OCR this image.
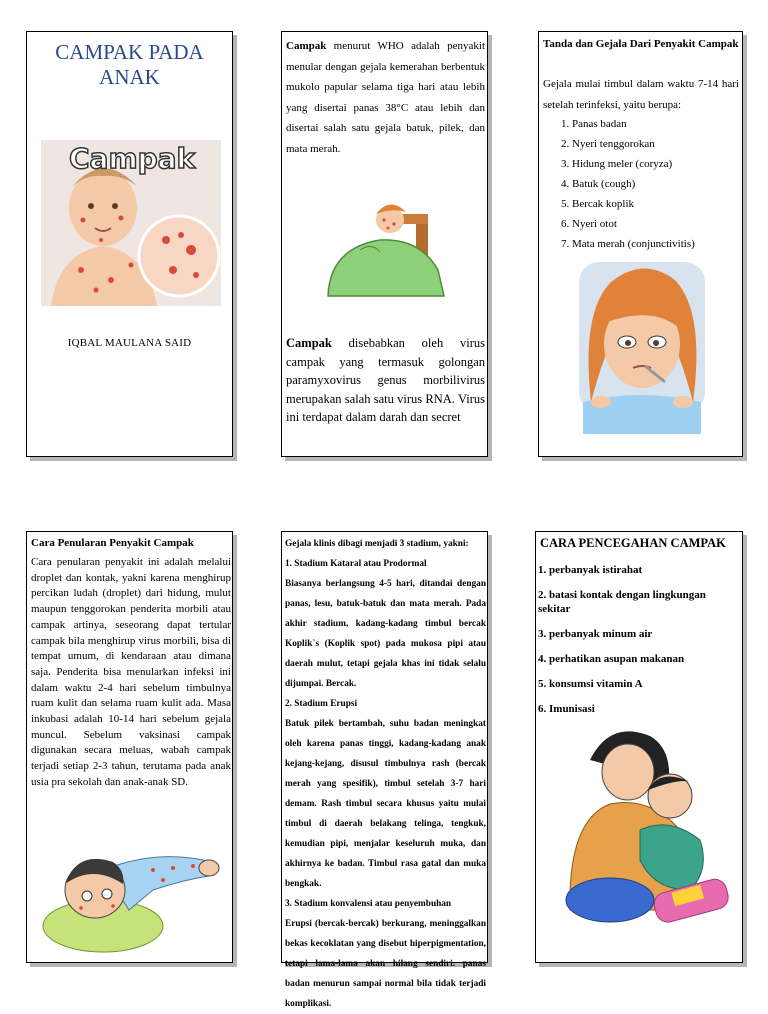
CAMPAK PADA
ANAK
Campak
IQBAL MAULANA SAID
Campak menurut WHO adalah penyakit menular dengan gejala kemerahan berbentuk mukolo papular selama tiga hari atau lebih yang disertai panas 38°C atau lebih dan disertai salah satu gejala batuk, pilek, dan mata merah.
Campak disebabkan oleh virus campak yang termasuk golongan paramyxovirus genus morbilivirus merupakan salah satu virus RNA. Virus ini terdapat dalam darah dan secret
Tanda dan Gejala Dari Penyakit Campak
Gejala mulai timbul dalam waktu 7-14 hari setelah terinfeksi, yaitu berupa:
1. Panas badan
2. Nyeri tenggorokan
3. Hidung meler (coryza)
4. Batuk (cough)
5. Bercak koplik
6. Nyeri otot
7. Mata merah (conjunctivitis)
Cara Penularan Penyakit Campak
Cara penularan penyakit ini adalah melalui droplet dan kontak, yakni karena menghirup percikan ludah (droplet) dari hidung, mulut maupun tenggorokan penderita morbili atau campak artinya, seseorang dapat tertular campak bila menghirup virus morbili, bisa di tempat umum, di kendaraan atau dimana saja. Penderita bisa menularkan infeksi ini dalam waktu 2-4 hari sebelum timbulnya ruam kulit dan selama ruam kulit ada. Masa inkubasi adalah 10-14 hari sebelum gejala muncul. Sebelum vaksinasi campak digunakan secara meluas, wabah campak terjadi setiap 2-3 tahun, terutama pada anak usia pra sekolah dan anak-anak SD.
Gejala klinis dibagi menjadi 3 stadium, yakni:
1. Stadium Kataral atau Prodormal
Biasanya berlangsung 4-5 hari, ditandai dengan panas, lesu, batuk-batuk dan mata merah. Pada akhir stadium, kadang-kadang timbul bercak Koplik`s (Koplik spot) pada mukosa pipi atau daerah mulut, tetapi gejala khas ini tidak selalu dijumpai. Bercak.
2. Stadium Erupsi
Batuk pilek bertambah, suhu badan meningkat oleh karena panas tinggi, kadang-kadang anak kejang-kejang, disusul timbulnya rash (bercak merah yang spesifik), timbul setelah 3-7 hari demam. Rash timbul secara khusus yaitu mulai timbul di daerah belakang telinga, tengkuk, kemudian pipi, menjalar keseluruh muka, dan akhirnya ke badan. Timbul rasa gatal dan muka bengkak.
3. Stadium konvalensi atau penyembuhan
Erupsi (bercak-bercak) berkurang, meninggalkan bekas kecoklatan yang disebut hiperpigmentation, tetapi lama-lama akan hilang sendiri. panas badan menurun sampai normal bila tidak terjadi komplikasi.
CARA PENCEGAHAN CAMPAK
1. perbanyak istirahat
2. batasi kontak dengan lingkungan sekitar
3. perbanyak minum air
4. perhatikan asupan makanan
5. konsumsi vitamin A
6. Imunisasi
